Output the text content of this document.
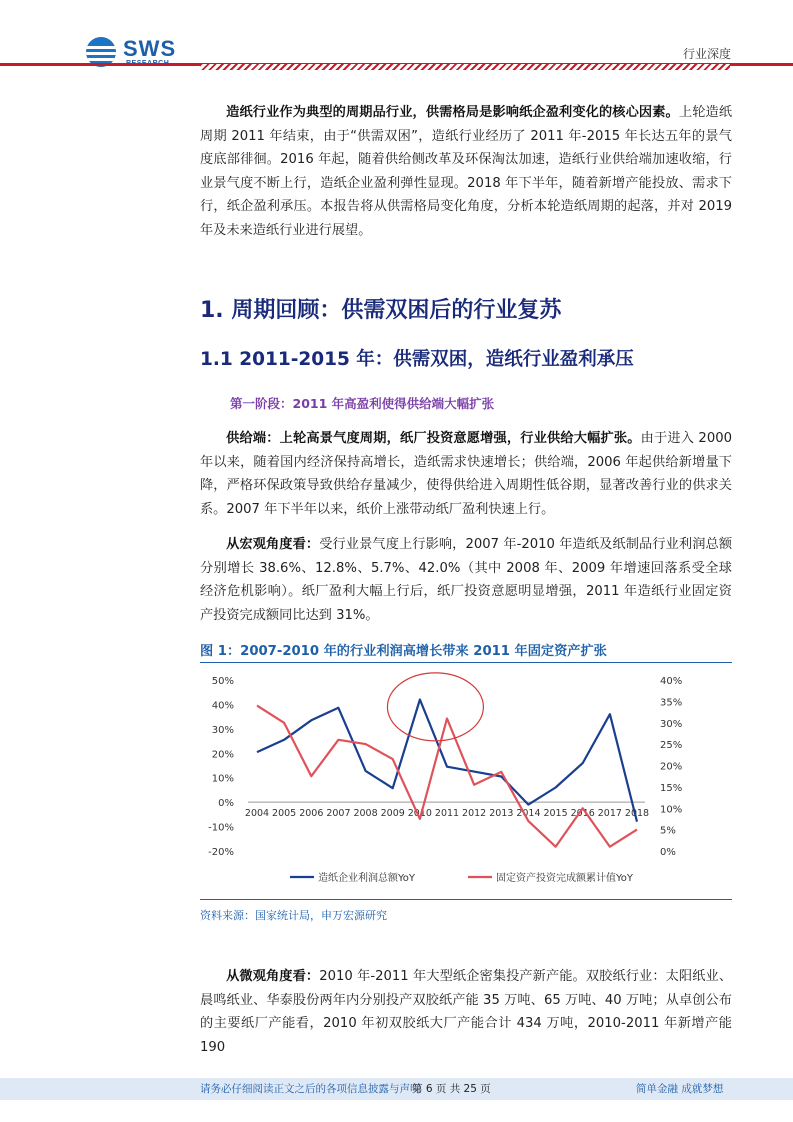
SWS	行业深度
造纸行业作为典型的周期品行业，供需格局是影响纸企盈利变化的核心因素。上轮造纸周期 2011 年结束，由于“供需双困”，造纸行业经历了 2011 年-2015 年长达五年的景气度底部徘徊。2016 年起，随着供给侧改革及环保淘汰加速，造纸行业供给端加速收缩，行业景气度不断上行，造纸企业盈利弹性显现。2018 年下半年，随着新增产能投放、需求下行，纸企盈利承压。本报告将从供需格局变化角度，分析本轮造纸周期的起落，并对 2019 年及未来造纸行业进行展望。
1. 周期回顾：供需双困后的行业复苏
1.1 2011-2015 年：供需双困，造纸行业盈利承压
第一阶段：2011 年高盈利使得供给端大幅扩张
供给端：上轮高景气度周期，纸厂投资意愿增强，行业供给大幅扩张。由于进入 2000 年以来，随着国内经济保持高增长，造纸需求快速增长；供给端，2006 年起供给新增量下降，严格环保政策导致供给存量减少，使得供给进入周期性低谷期，显著改善行业的供求关系。2007 年下半年以来，纸价上涨带动纸厂盈利快速上行。
从宏观角度看：受行业景气度上行影响，2007 年-2010 年造纸及纸制品行业利润总额分别增长 38.6%、12.8%、5.7%、42.0%（其中 2008 年、2009 年增速回落系受全球经济危机影响）。纸厂盈利大幅上行后，纸厂投资意愿明显增强，2011 年造纸行业固定资产投资完成额同比达到 31%。
图 1：2007-2010 年的行业利润高增长带来 2011 年固定资产扩张
50%
40%
30%
20%
10%
0%
-10%
-20%
40%
35%
30%
25%
20%
15%
10%
5%
0%
2004 2005 2006 2007 2008 2009 2010 2011 2012 2013 2014 2015 2016 2017 2018
造纸企业利润总额YoY	固定资产投资完成额累计值YoY
资料来源：国家统计局，申万宏源研究
从微观角度看：2010 年-2011 年大型纸企密集投产新产能。双胶纸行业：太阳纸业、晨鸣纸业、华泰股份两年内分别投产双胶纸产能 35 万吨、65 万吨、40 万吨；从卓创公布的主要纸厂产能看，2010 年初双胶纸大厂产能合计 434 万吨，2010-2011 年新增产能 190
请务必仔细阅读正文之后的各项信息披露与声明
第 6 页 共 25 页	简单金融 成就梦想
